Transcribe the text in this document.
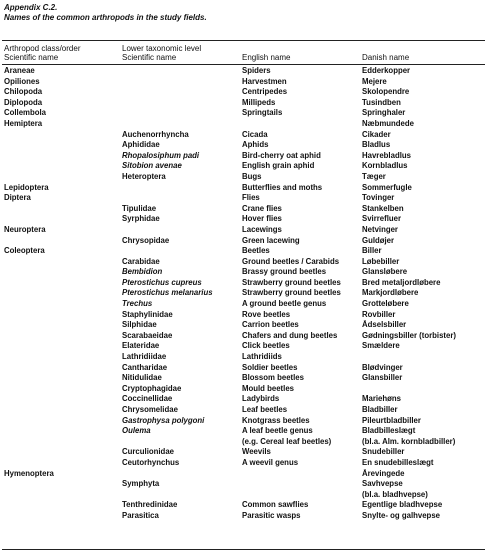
Appendix C.2.
Names of the common arthropods in the study fields.
Arthropod class/order
Scientific name
Lower taxonomic level
Scientific name	English name	Danish name
Araneae		Spiders	Edderkopper
Opiliones		Harvestmen	Mejere
Chilopoda		Centripedes	Skolopendre
Diplopoda		Millipeds	Tusindben
Collembola		Springtails	Springhaler
Hemiptera			Næbmundede
	Auchenorrhyncha	Cicada	Cikader
	Aphididae	Aphids	Bladlus
	Rhopalosiphum padi	Bird-cherry oat aphid	Havrebladlus
	Sitobion avenae	English grain aphid	Kornbladlus
	Heteroptera	Bugs	Tæger
Lepidoptera		Butterflies and moths	Sommerfugle
Diptera		Flies	Tovinger
	Tipulidae	Crane flies	Stankelben
	Syrphidae	Hover flies	Svirrefluer
Neuroptera		Lacewings	Netvinger
	Chrysopidae	Green lacewing	Guldøjer
Coleoptera		Beetles	Biller
	Carabidae	Ground beetles / Carabids	Løbebiller
	Bembidion	Brassy ground beetles	Glansløbere
	Pterostichus cupreus	Strawberry ground beetles	Bred metaljordløbere
	Pterostichus melanarius	Strawberry ground beetles	Markjordløbere
	Trechus	A ground beetle genus	Grotteløbere
	Staphylinidae	Rove beetles	Rovbiller
	Silphidae	Carrion beetles	Ådselsbiller
	Scarabaeidae	Chafers and dung beetles	Gødningsbiller (torbister)
	Elateridae	Click beetles	Smældere
	Lathridiidae	Lathridiids	
	Cantharidae	Soldier beetles	Blødvinger
	Nitidulidae	Blossom beetles	Glansbiller
	Cryptophagidae	Mould beetles	
	Coccinellidae	Ladybirds	Mariehøns
	Chrysomelidae	Leaf beetles	Bladbiller
	Gastrophysa polygoni	Knotgrass beetles	Pileurtbladbiller
	Oulema	A leaf beetle genus	Bladbilleslægt
		(e.g. Cereal leaf beetles)	(bl.a. Alm. kornbladbiller)
	Curculionidae	Weevils	Snudebiller
	Ceutorhynchus	A weevil genus	En snudebilleslægt
Hymenoptera			Årevingede
	Symphyta		Savhvepse
			(bl.a. bladhvepse)
	Tenthredinidae	Common sawflies	Egentlige bladhvepse
	Parasitica	Parasitic wasps	Snylte- og galhvepse
